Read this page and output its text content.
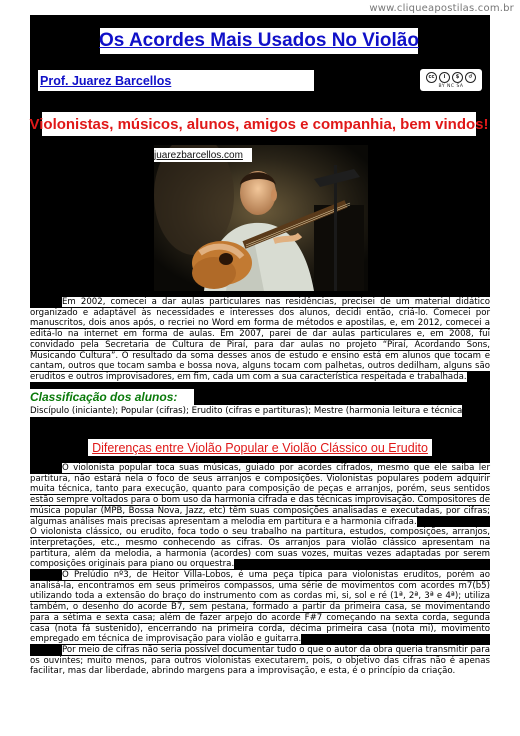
www.cliqueapostilas.com.br
Os Acordes Mais Usados No Violão
Prof. Juarez Barcellos	cc	i	$	↺
BY NC SA
Violonistas, músicos, alunos, amigos e companhia, bem vindos!
juarezbarcellos.com
Em 2002, comecei a dar aulas particulares nas residências, precisei de um material didático organizado e adaptável às necessidades e interesses dos alunos, decidi então, criá-lo. Comecei por manuscritos, dois anos após, o recriei no Word em forma de métodos e apostilas, e, em 2012, comecei a editá-lo na internet em forma de aulas. Em 2007, parei de dar aulas particulares e, em 2008, fui convidado pela Secretaria de Cultura de Piraí, para dar aulas no projeto “Piraí, Acordando Sons, Musicando Cultura”. O resultado da soma desses anos de estudo e ensino está em alunos que tocam e cantam, outros que tocam samba e bossa nova, alguns tocam com palhetas, outros dedilham, alguns são eruditos e outros improvisadores, em fim, cada um com a sua característica respeitada e trabalhada.
Classificação dos alunos:
Discípulo (iniciante); Popular (cifras); Erudito (cifras e partituras); Mestre (harmonia leitura e técnica).
Diferenças entre Violão Popular e Violão Clássico ou Erudito

O violonista popular toca suas músicas, guiado por acordes cifrados, mesmo que ele saiba ler partitura, não estará nela o foco de seus arranjos e composições. Violonistas populares podem adquirir muita técnica, tanto para execução, quanto para composição de peças e arranjos, porém, seus sentidos estão sempre voltados para o bom uso da harmonia cifrada e das técnicas improvisação. Compositores de música popular (MPB, Bossa Nova, Jazz, etc) têm suas composições analisadas e executadas, por cifras; algumas análises mais precisas apresentam a melodia em partitura e a harmonia cifrada.

O violonista clássico, ou erudito, foca todo o seu trabalho na partitura, estudos, composições, arranjos, interpretações, etc., mesmo conhecendo as cifras. Os arranjos para violão clássico apresentam na partitura, além da melodia, a harmonia (acordes) com suas vozes, muitas vezes adaptadas por serem composições originais para piano ou orquestra.

O Prelúdio nº3, de Heitor Villa-Lobos, é uma peça típica para violonistas eruditos, porém ao analisá-la, encontramos em seus primeiros compassos, uma série de movimentos com acordes m7(b5) utilizando toda a extensão do braço do instrumento com as cordas mi, si, sol e ré (1ª, 2ª, 3ª e 4ª); utiliza também, o desenho do acorde B7, sem pestana, formado a partir da primeira casa, se movimentando para a sétima e sexta casa; além de fazer arpejo do acorde F#7 começando na sexta corda, segunda casa (nota fá sustenido), encerrando na primeira corda, décima primeira casa (nota mi), movimento empregado em técnica de improvisação para violão e guitarra.

Por meio de cifras não seria possível documentar tudo o que o autor da obra queria transmitir para os ouvintes; muito menos, para outros violonistas executarem, pois, o objetivo das cifras não é apenas facilitar, mas dar liberdade, abrindo margens para a improvisação, e esta, é o princípio da criação.
